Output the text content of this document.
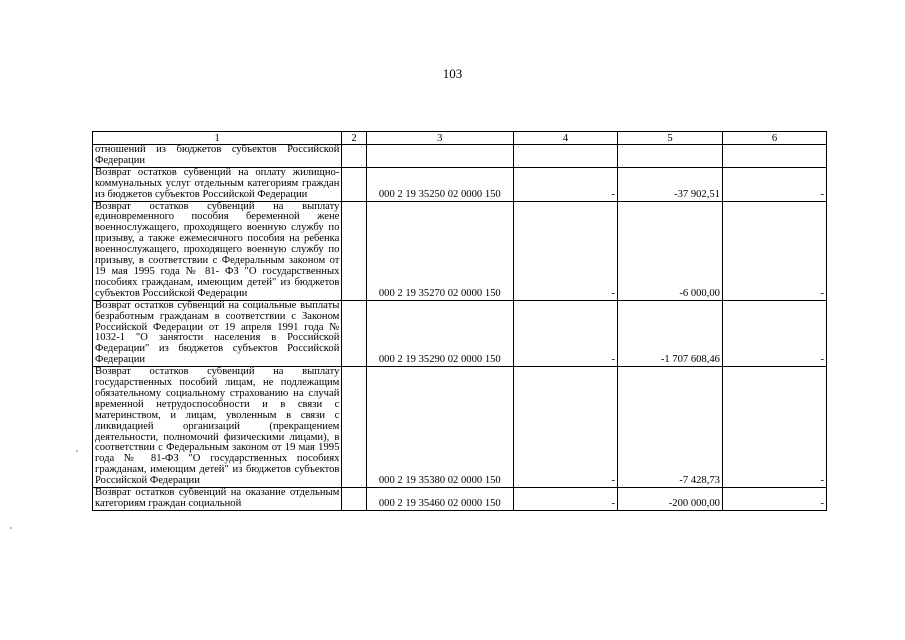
103
1	2	3	4	5	6
отношений из бюджетов субъектов Российской Федерации					
Возврат остатков субвенций на оплату жилищно-коммунальных услуг отдельным категориям граждан из бюджетов субъектов Российской Федерации		000 2 19 35250 02 0000 150	-	-37 902,51	-
Возврат остатков субвенций на выплату единовременного пособия беременной жене военнослужащего, проходящего военную службу по призыву, а также ежемесячного пособия на ребенка военнослужащего, проходящего военную службу по призыву, в соответствии с Федеральным законом от 19 мая 1995 года № 81- ФЗ "О государственных пособиях гражданам, имеющим детей" из бюджетов субъектов Российской Федерации		000 2 19 35270 02 0000 150	-	-6 000,00	-
Возврат остатков субвенций на социальные выплаты безработным гражданам в соответствии с Законом Российской Федерации от 19 апреля 1991 года № 1032-1 "О занятости населения в Российской Федерации" из бюджетов субъектов Российской Федерации		000 2 19 35290 02 0000 150	-	-1 707 608,46	-
Возврат остатков субвенций на выплату государственных пособий лицам, не подлежащим обязательному социальному страхованию на случай временной нетрудоспособности и в связи с материнством, и лицам, уволенным в связи с ликвидацией организаций (прекращением деятельности, полномочий физическими лицами), в соответствии с Федеральным законом от 19 мая 1995 года № 81-ФЗ "О государственных пособиях гражданам, имеющим детей" из бюджетов субъектов Российской Федерации		000 2 19 35380 02 0000 150	-	-7 428,73	-
Возврат остатков субвенций на оказание отдельным категориям граждан социальной		000 2 19 35460 02 0000 150	-	-200 000,00	-
